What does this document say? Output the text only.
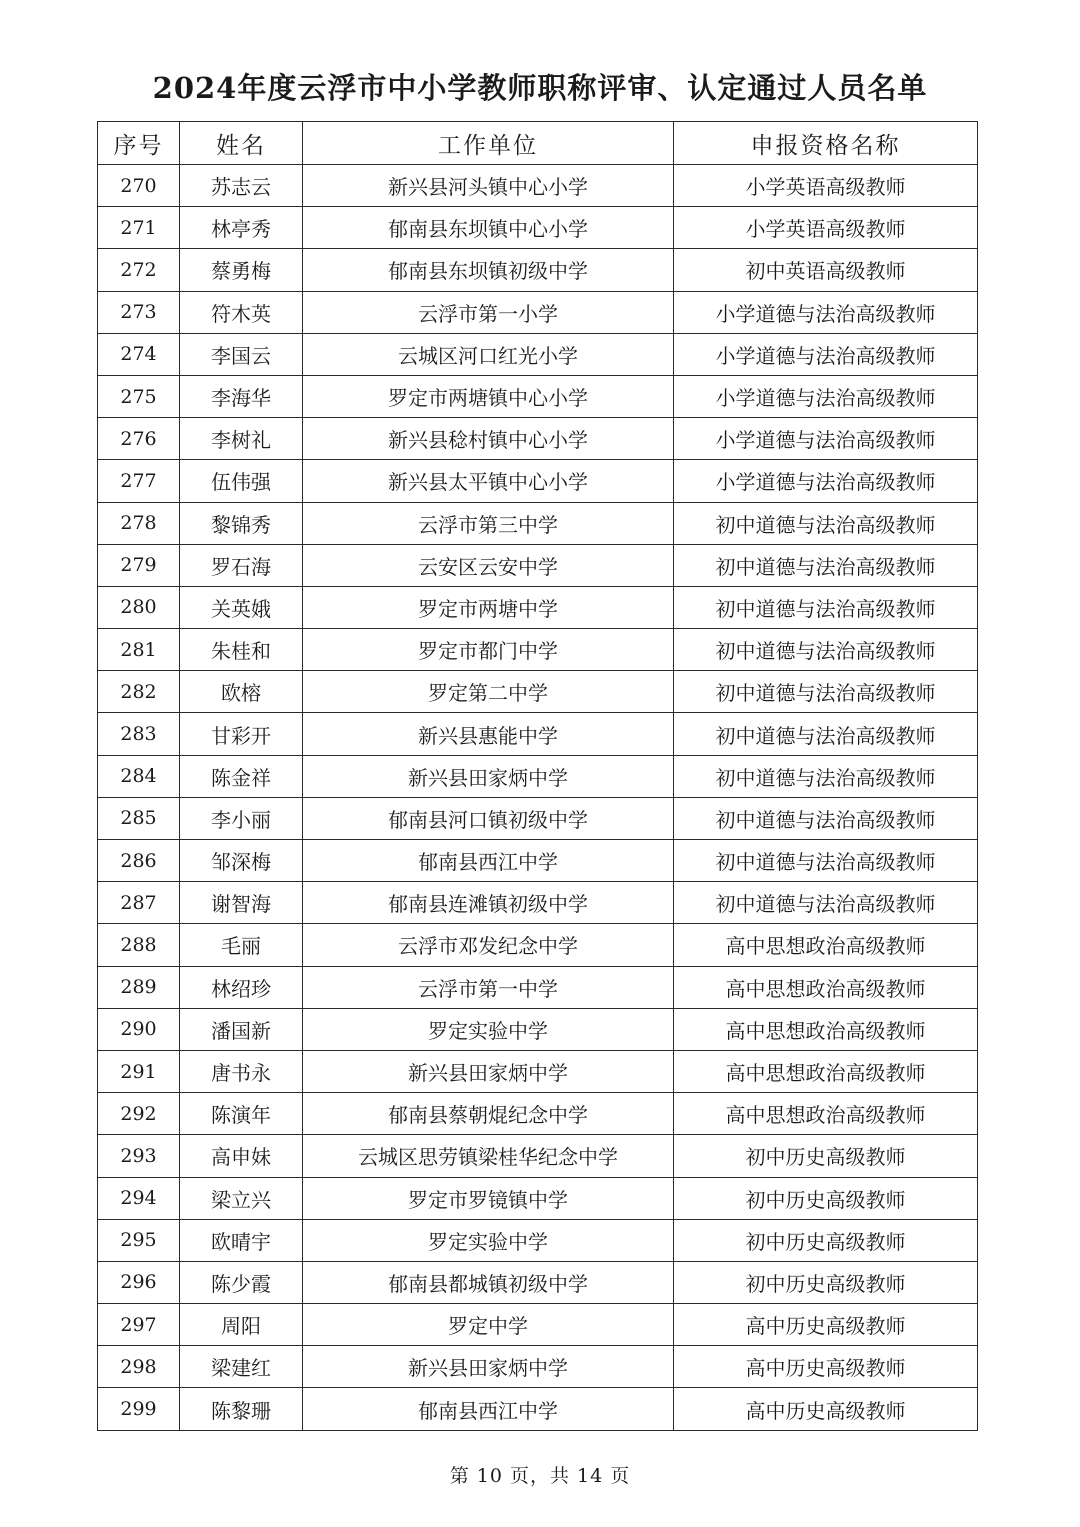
2024年度云浮市中小学教师职称评审、认定通过人员名单
序号	姓名	工作单位	申报资格名称
270	苏志云	新兴县河头镇中心小学	小学英语高级教师
271	林亭秀	郁南县东坝镇中心小学	小学英语高级教师
272	蔡勇梅	郁南县东坝镇初级中学	初中英语高级教师
273	符木英	云浮市第一小学	小学道德与法治高级教师
274	李国云	云城区河口红光小学	小学道德与法治高级教师
275	李海华	罗定市两塘镇中心小学	小学道德与法治高级教师
276	李树礼	新兴县稔村镇中心小学	小学道德与法治高级教师
277	伍伟强	新兴县太平镇中心小学	小学道德与法治高级教师
278	黎锦秀	云浮市第三中学	初中道德与法治高级教师
279	罗石海	云安区云安中学	初中道德与法治高级教师
280	关英娥	罗定市两塘中学	初中道德与法治高级教师
281	朱桂和	罗定市都门中学	初中道德与法治高级教师
282	欧榕	罗定第二中学	初中道德与法治高级教师
283	甘彩开	新兴县惠能中学	初中道德与法治高级教师
284	陈金祥	新兴县田家炳中学	初中道德与法治高级教师
285	李小丽	郁南县河口镇初级中学	初中道德与法治高级教师
286	邹深梅	郁南县西江中学	初中道德与法治高级教师
287	谢智海	郁南县连滩镇初级中学	初中道德与法治高级教师
288	毛丽	云浮市邓发纪念中学	高中思想政治高级教师
289	林绍珍	云浮市第一中学	高中思想政治高级教师
290	潘国新	罗定实验中学	高中思想政治高级教师
291	唐书永	新兴县田家炳中学	高中思想政治高级教师
292	陈演年	郁南县蔡朝焜纪念中学	高中思想政治高级教师
293	高申妹	云城区思劳镇梁桂华纪念中学	初中历史高级教师
294	梁立兴	罗定市罗镜镇中学	初中历史高级教师
295	欧晴宇	罗定实验中学	初中历史高级教师
296	陈少霞	郁南县都城镇初级中学	初中历史高级教师
297	周阳	罗定中学	高中历史高级教师
298	梁建红	新兴县田家炳中学	高中历史高级教师
299	陈黎珊	郁南县西江中学	高中历史高级教师
第 10 页，共 14 页
